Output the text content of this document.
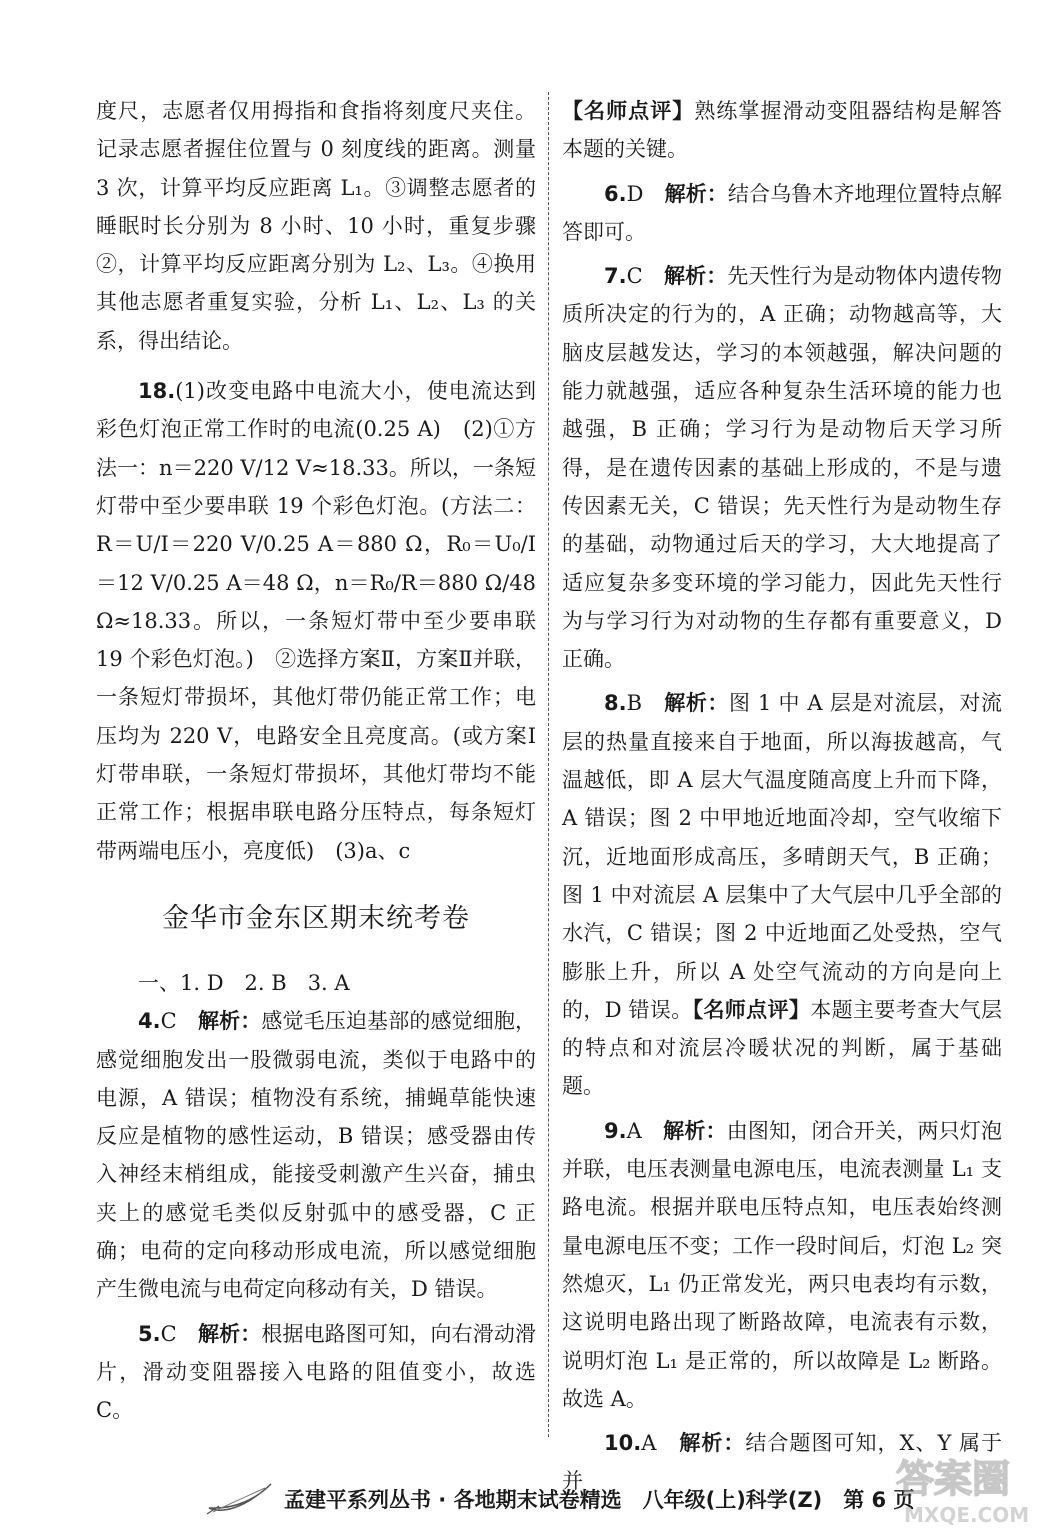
度尺，志愿者仅用拇指和食指将刻度尺夹住。记录志愿者握住位置与 0 刻度线的距离。测量 3 次，计算平均反应距离 L₁。③调整志愿者的睡眠时长分别为 8 小时、10 小时，重复步骤②，计算平均反应距离分别为 L₂、L₃。④换用其他志愿者重复实验，分析 L₁、L₂、L₃ 的关系，得出结论。

18.(1)改变电路中电流大小，使电流达到彩色灯泡正常工作时的电流(0.25 A)　(2)①方法一：n＝220 V/12 V≈18.33。所以，一条短灯带中至少要串联 19 个彩色灯泡。(方法二：R＝U/I＝220 V/0.25 A＝880 Ω，R₀＝U₀/I＝12 V/0.25 A＝48 Ω，n＝R₀/R＝880 Ω/48 Ω≈18.33。所以，一条短灯带中至少要串联 19 个彩色灯泡。)　②选择方案Ⅱ，方案Ⅱ并联，一条短灯带损坏，其他灯带仍能正常工作；电压均为 220 V，电路安全且亮度高。(或方案Ⅰ灯带串联，一条短灯带损坏，其他灯带均不能正常工作；根据串联电路分压特点，每条短灯带两端电压小，亮度低)　(3)a、c

金华市金东区期末统考卷

一、1. D　2. B　3. A

4.C　 解析：感觉毛压迫基部的感觉细胞，感觉细胞发出一股微弱电流，类似于电路中的电源，A 错误；植物没有系统，捕蝇草能快速反应是植物的感性运动，B 错误；感受器由传入神经末梢组成，能接受刺激产生兴奋，捕虫夹上的感觉毛类似反射弧中的感受器，C 正确；电荷的定向移动形成电流，所以感觉细胞产生微电流与电荷定向移动有关，D 错误。

5.C　 解析：根据电路图可知，向右滑动滑片，滑动变阻器接入电路的阻值变小，故选 C。

【名师点评】熟练掌握滑动变阻器结构是解答本题的关键。

6.D　 解析：结合乌鲁木齐地理位置特点解答即可。

7.C　 解析：先天性行为是动物体内遗传物质所决定的行为的，A 正确；动物越高等，大脑皮层越发达，学习的本领越强，解决问题的能力就越强，适应各种复杂生活环境的能力也越强，B 正确；学习行为是动物后天学习所得，是在遗传因素的基础上形成的，不是与遗传因素无关，C 错误；先天性行为是动物生存的基础，动物通过后天的学习，大大地提高了适应复杂多变环境的学习能力，因此先天性行为与学习行为对动物的生存都有重要意义，D 正确。

8.B　 解析：图 1 中 A 层是对流层，对流层的热量直接来自于地面，所以海拔越高，气温越低，即 A 层大气温度随高度上升而下降，A 错误；图 2 中甲地近地面冷却，空气收缩下沉，近地面形成高压，多晴朗天气，B 正确；图 1 中对流层 A 层集中了大气层中几乎全部的水汽，C 错误；图 2 中近地面乙处受热，空气膨胀上升，所以 A 处空气流动的方向是向上的，D 错误。【名师点评】本题主要考查大气层的特点和对流层冷暖状况的判断，属于基础题。

9.A　 解析：由图知，闭合开关，两只灯泡并联，电压表测量电源电压，电流表测量 L₁ 支路电流。根据并联电压特点知，电压表始终测量电源电压不变；工作一段时间后，灯泡 L₂ 突然熄灭，L₁ 仍正常发光，两只电表均有示数，这说明电路出现了断路故障，电流表有示数，说明灯泡 L₁ 是正常的，所以故障是 L₂ 断路。故选 A。

10.A　 解析：结合题图可知，X、Y 属于并

孟建平系列丛书 · 各地期末试卷精选　八年级(上)科学(Z)　第 6 页
答案圈
MXQE.COM
